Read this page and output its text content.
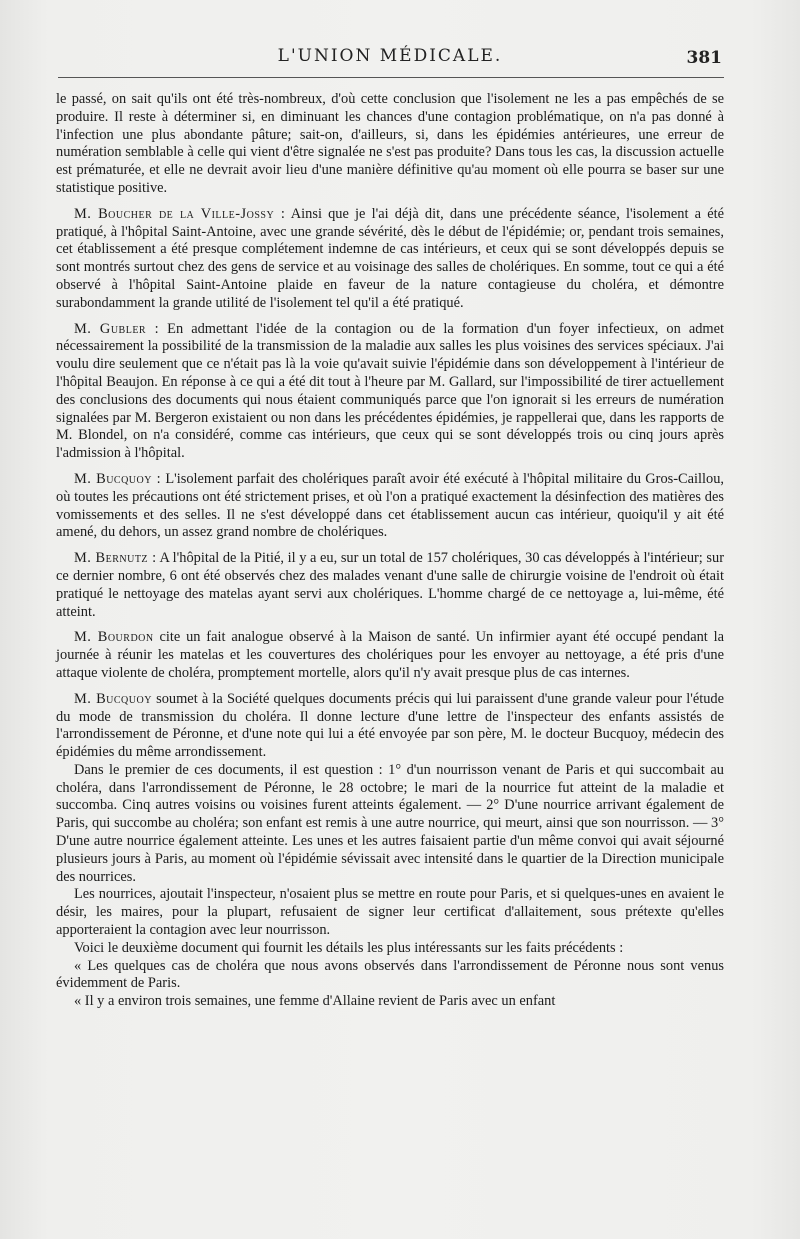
L'UNION MÉDICALE.	381

le passé, on sait qu'ils ont été très-nombreux, d'où cette conclusion que l'isolement ne les a pas empêchés de se produire. Il reste à déterminer si, en diminuant les chances d'une contagion problématique, on n'a pas donné à l'infection une plus abondante pâture; sait-on, d'ailleurs, si, dans les épidémies antérieures, une erreur de numération semblable à celle qui vient d'être signalée ne s'est pas produite? Dans tous les cas, la discussion actuelle est prématurée, et elle ne devrait avoir lieu d'une manière définitive qu'au moment où elle pourra se baser sur une statistique positive.

M. Boucher de la Ville-Jossy : Ainsi que je l'ai déjà dit, dans une précédente séance, l'isolement a été pratiqué, à l'hôpital Saint-Antoine, avec une grande sévérité, dès le début de l'épidémie; or, pendant trois semaines, cet établissement a été presque complétement indemne de cas intérieurs, et ceux qui se sont développés depuis se sont montrés surtout chez des gens de service et au voisinage des salles de cholériques. En somme, tout ce qui a été observé à l'hôpital Saint-Antoine plaide en faveur de la nature contagieuse du choléra, et démontre surabondamment la grande utilité de l'isolement tel qu'il a été pratiqué.

M. Gubler : En admettant l'idée de la contagion ou de la formation d'un foyer infectieux, on admet nécessairement la possibilité de la transmission de la maladie aux salles les plus voisines des services spéciaux. J'ai voulu dire seulement que ce n'était pas là la voie qu'avait suivie l'épidémie dans son développement à l'intérieur de l'hôpital Beaujon. En réponse à ce qui a été dit tout à l'heure par M. Gallard, sur l'impossibilité de tirer actuellement des conclusions des documents qui nous étaient communiqués parce que l'on ignorait si les erreurs de numération signalées par M. Bergeron existaient ou non dans les précédentes épidémies, je rappellerai que, dans les rapports de M. Blondel, on n'a considéré, comme cas intérieurs, que ceux qui se sont développés trois ou cinq jours après l'admission à l'hôpital.

M. Bucquoy : L'isolement parfait des cholériques paraît avoir été exécuté à l'hôpital militaire du Gros-Caillou, où toutes les précautions ont été strictement prises, et où l'on a pratiqué exactement la désinfection des matières des vomissements et des selles. Il ne s'est développé dans cet établissement aucun cas intérieur, quoiqu'il y ait été amené, du dehors, un assez grand nombre de cholériques.

M. Bernutz : A l'hôpital de la Pitié, il y a eu, sur un total de 157 cholériques, 30 cas développés à l'intérieur; sur ce dernier nombre, 6 ont été observés chez des malades venant d'une salle de chirurgie voisine de l'endroit où était pratiqué le nettoyage des matelas ayant servi aux cholériques. L'homme chargé de ce nettoyage a, lui-même, été atteint.

M. Bourdon cite un fait analogue observé à la Maison de santé. Un infirmier ayant été occupé pendant la journée à réunir les matelas et les couvertures des cholériques pour les envoyer au nettoyage, a été pris d'une attaque violente de choléra, promptement mortelle, alors qu'il n'y avait presque plus de cas internes.

M. Bucquoy soumet à la Société quelques documents précis qui lui paraissent d'une grande valeur pour l'étude du mode de transmission du choléra. Il donne lecture d'une lettre de l'inspecteur des enfants assistés de l'arrondissement de Péronne, et d'une note qui lui a été envoyée par son père, M. le docteur Bucquoy, médecin des épidémies du même arrondissement.

Dans le premier de ces documents, il est question : 1° d'un nourrisson venant de Paris et qui succombait au choléra, dans l'arrondissement de Péronne, le 28 octobre; le mari de la nourrice fut atteint de la maladie et succomba. Cinq autres voisins ou voisines furent atteints également. — 2° D'une nourrice arrivant également de Paris, qui succombe au choléra; son enfant est remis à une autre nourrice, qui meurt, ainsi que son nourrisson. — 3° D'une autre nourrice également atteinte. Les unes et les autres faisaient partie d'un même convoi qui avait séjourné plusieurs jours à Paris, au moment où l'épidémie sévissait avec intensité dans le quartier de la Direction municipale des nourrices.

Les nourrices, ajoutait l'inspecteur, n'osaient plus se mettre en route pour Paris, et si quelques-unes en avaient le désir, les maires, pour la plupart, refusaient de signer leur certificat d'allaitement, sous prétexte qu'elles apporteraient la contagion avec leur nourrisson.

Voici le deuxième document qui fournit les détails les plus intéressants sur les faits précédents :

« Les quelques cas de choléra que nous avons observés dans l'arrondissement de Péronne nous sont venus évidemment de Paris.

« Il y a environ trois semaines, une femme d'Allaine revient de Paris avec un enfant
